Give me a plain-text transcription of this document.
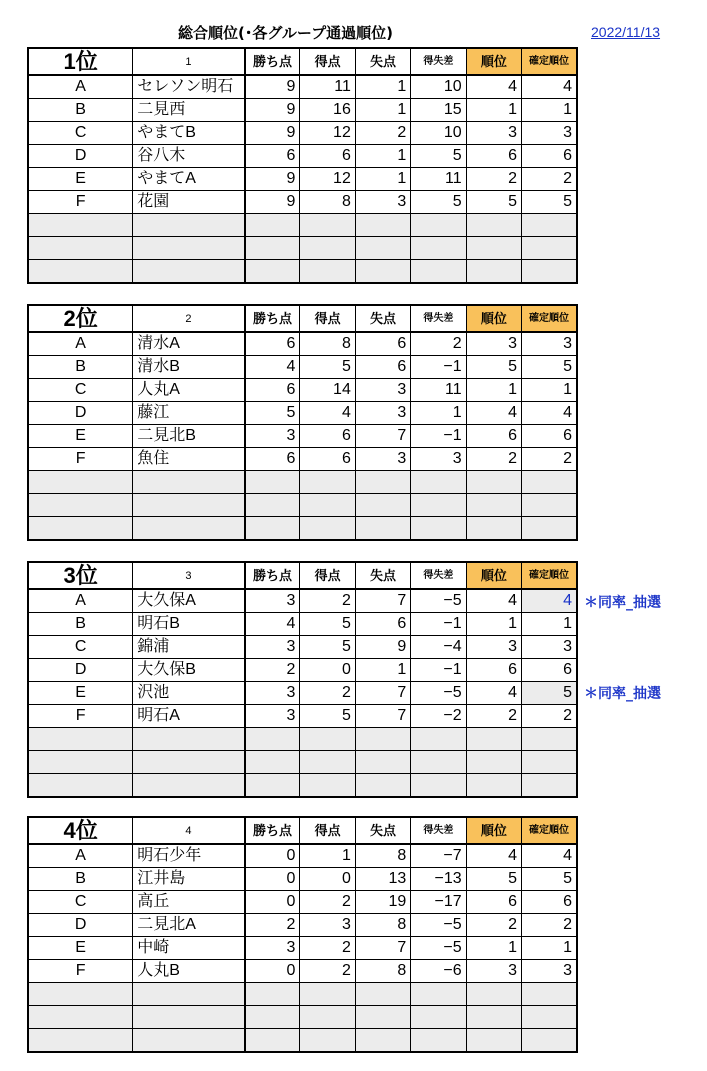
総合順位(･各グループ通過順位)	2022/11/13
1位	1	勝ち点	得点	失点	得失差	順位	確定順位
A	セレソン明石	9	11	1	10	4	4
B	二見西	9	16	1	15	1	1
C	やまてB	9	12	2	10	3	3
D	谷八木	6	6	1	5	6	6
E	やまてA	9	12	1	11	2	2
F	花園	9	8	3	5	5	5

2位	2	勝ち点	得点	失点	得失差	順位	確定順位
A	清水A	6	8	6	2	3	3
B	清水B	4	5	6	−1	5	5
C	人丸A	6	14	3	11	1	1
D	藤江	5	4	3	1	4	4
E	二見北B	3	6	7	−1	6	6
F	魚住	6	6	3	3	2	2

＊同率_抽選
＊同率_抽選
3位	3	勝ち点	得点	失点	得失差	順位	確定順位
A	大久保A	3	2	7	−5	4	4
B	明石B	4	5	6	−1	1	1
C	錦浦	3	5	9	−4	3	3
D	大久保B	2	0	1	−1	6	6
E	沢池	3	2	7	−5	4	5
F	明石A	3	5	7	−2	2	2

4位	4	勝ち点	得点	失点	得失差	順位	確定順位
A	明石少年	0	1	8	−7	4	4
B	江井島	0	0	13	−13	5	5
C	高丘	0	2	19	−17	6	6
D	二見北A	2	3	8	−5	2	2
E	中崎	3	2	7	−5	1	1
F	人丸B	0	2	8	−6	3	3
